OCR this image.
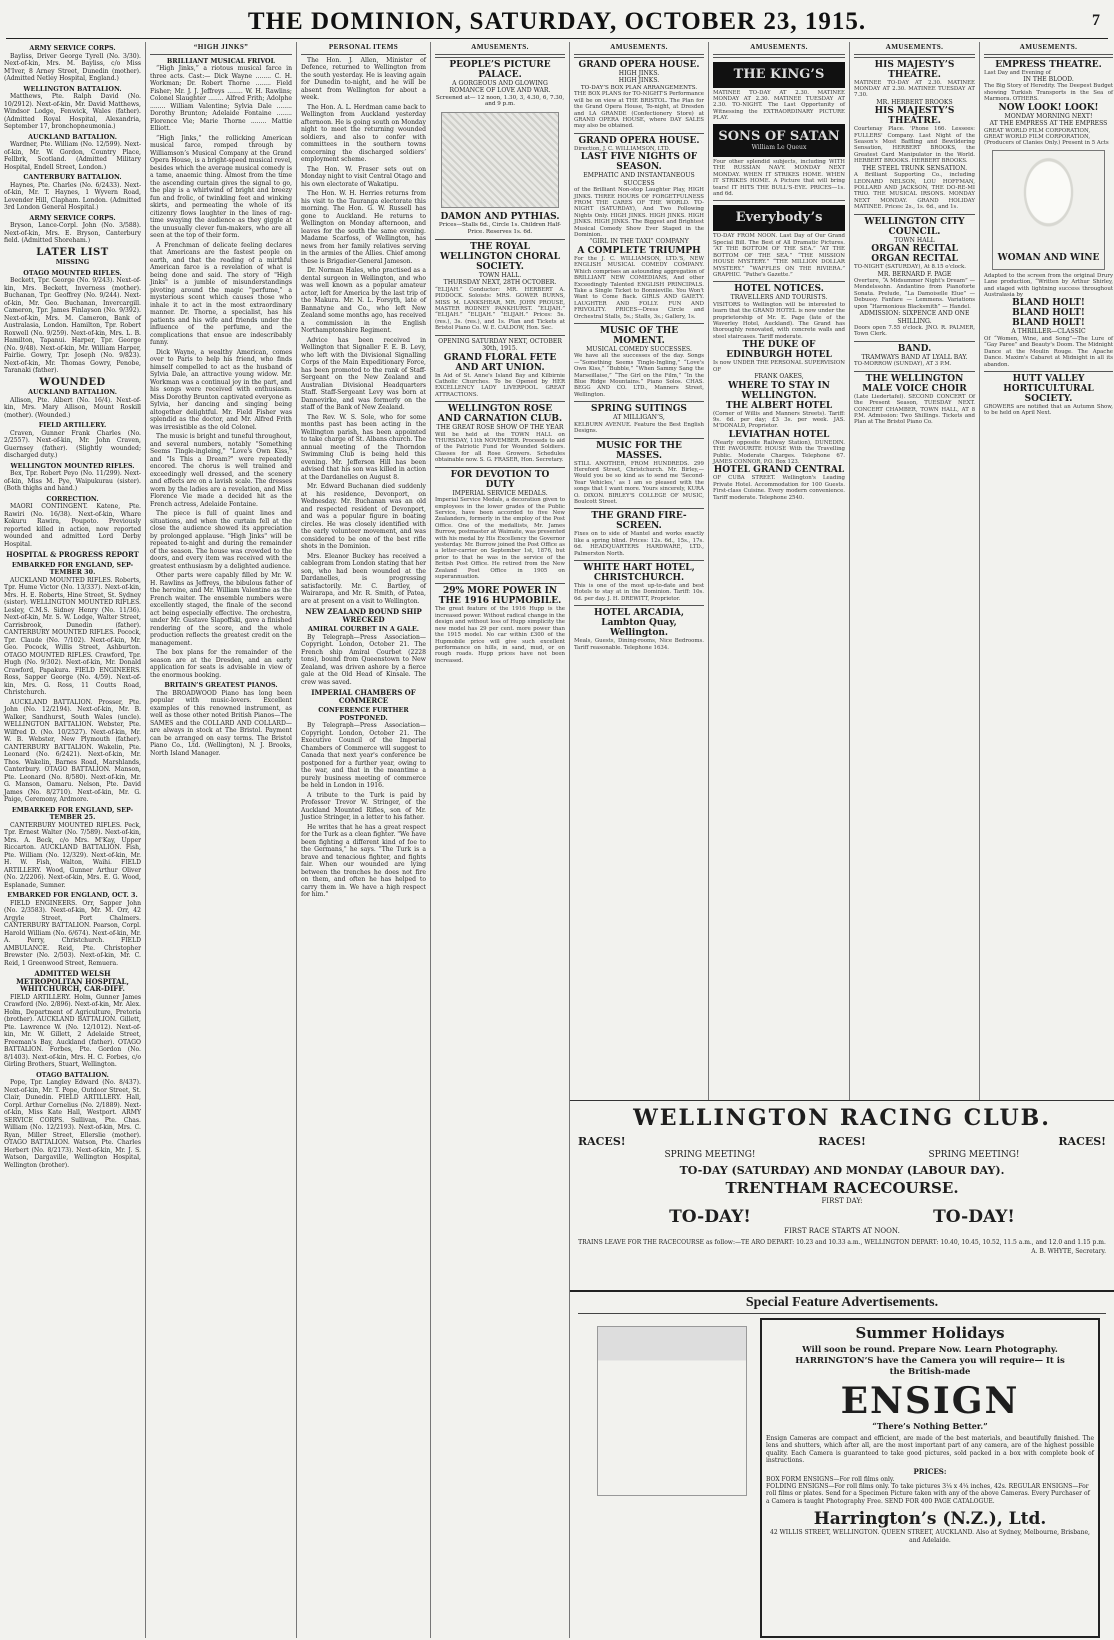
THE DOMINION, SATURDAY, OCTOBER 23, 1915.	7
ARMY SERVICE CORPS.

Bayliss, Driver George Tyrell (No. 3/30). Next-of-kin, Mrs. M. Bayliss, c/o Miss M'Iver, 8 Arney Street, Dunedin (mother). (Admitted Netley Hospital, England.)

WELLINGTON BATTALION.

Matthews, Pte. Ralph David (No. 10/2912). Next-of-kin, Mr. David Matthews, Windsor Lodge, Fenwick, Wales (father). (Admitted Royal Hospital, Alexandria, September 17, bronchopneumonia.)

AUCKLAND BATTALION.

Wardner, Pte. William (No. 12/599). Next-of-kin, Mr. W. Gordon, Country Place, Fellbrk, Scotland. (Admitted Military Hospital, Endell Street, London.)

CANTERBURY BATTALION.

Haynes, Pte. Charles (No. 6/2433). Next-of-kin, Mr. T. Haynes, 1 Wyvern Road, Levender Hill, Clapham. London. (Admitted 3rd London General Hospital.)

ARMY SERVICE CORPS.

Bryson, Lance-Corpl. John (No. 3/588). Next-of-kin, Mrs. E. Bryson, Canterbury field. (Admitted Shoreham.)

LATER LIST
MISSING
OTAGO MOUNTED RIFLES.

Beckett, Tpr. George (No. 9/243). Next-of-kin, Mrs. Beckett, Inverness (mother). Buchanan, Tpr. Geoffrey (No. 9/244). Next-of-kin, Mr. Geo. Buchanan, Invercargill. Cameron, Tpr. James Finlayson (No. 9/392). Next-of-kin, Mrs. M. Cameron, Bank of Australasia, London. Hamilton, Tpr. Robert Roxwell (No. 9/259). Next-of-kin, Mrs. L. B. Hamilton, Tapanui. Harper, Tpr. George (No. 9/48). Next-of-kin, Mr. William Harper, Fairlie. Gowry, Tpr. Joseph (No. 9/823). Next-of-kin, Mr. Thomas Gowry, Penobe, Taranaki (father).

WOUNDED
AUCKLAND BATTALION.

Allison, Pte. Albert (No. 16/4). Next-of-kin, Mrs. Mary Allison, Mount Roskill (mother). (Wounded.)

FIELD ARTILLERY.

Craven, Gunner Frank Charles (No. 2/2557). Next-of-kin, Mr. John Craven, Guernsey (father). (Slightly wounded; discharged duty.)

WELLINGTON MOUNTED RIFLES.

Bex, Tpr. Robert Peyo (No. 11/299). Next-of-kin, Miss M. Pye, Waipukurau (sister). (Both thighs and hand.)

CORRECTION.

MAORI CONTINGENT. Katene, Pte. Rawiri (No. 16/38). Next-of-kin, Whare Kokuru Rawira, Poupoto. Previously reported killed in action, now reported wounded and admitted Lord Derby Hospital.

HOSPITAL & PROGRESS REPORT
EMBARKED FOR ENGLAND, SEP-TEMBER 30.

AUCKLAND MOUNTED RIFLES. Roberts, Tpr. Hume Victor (No. 13/337). Next-of-kin, Mrs. H. E. Roberts, Hine Street, St. Sydney (sister). WELLINGTON MOUNTED RIFLES. Lesley, C.M.S. Sidney Henry (No. 11/36). Next-of-kin, Mr. S. W. Lodge, Walter Street, Carrisbrook, Dunedin (father). CANTERBURY MOUNTED RIFLES. Pocock, Tpr. Claude (No. 7/102). Next-of-kin, Mr. Geo. Pocock, Willis Street, Ashburton. OTAGO MOUNTED RIFLES. Crawford, Tpr. Hugh (No. 9/302). Next-of-kin, Mr. Donald Crawford, Papakura. FIELD ENGINEERS. Ross, Sapper George (No. 4/59). Next-of-kin, Mrs. G. Ross, 11 Coutts Road, Christchurch.

AUCKLAND BATTALION. Prosser, Pte. John (No. 12/2194). Next-of-kin, Mr. B. Walker, Sandhurst, South Wales (uncle). WELLINGTON BATTALION. Webster, Pte. Wilfred D. (No. 10/2527). Next-of-kin, Mr. W. B. Webster, New Plymouth (father). CANTERBURY BATTALION. Wakelin, Pte. Leonard (No. 6/2421). Next-of-kin, Mr. Thos. Wakelin, Barnes Road, Marshlands, Canterbury. OTAGO BATTALION. Manson, Pte. Leonard (No. 8/580). Next-of-kin, Mr. G. Manson, Oamaru. Nelson, Pte. David James (No. 8/2710). Next-of-kin, Mr. G. Paige, Ceremony, Ardmore.

EMBARKED FOR ENGLAND, SEP-TEMBER 25.

CANTERBURY MOUNTED RIFLES. Peck, Tpr. Ernest Walter (No. 7/589). Next-of-kin, Mrs. A. Beck, c/o Mrs. M'Kay, Upper Riccarton. AUCKLAND BATTALION. Fish, Pte. William (No. 12/329). Next-of-kin, Mr. H. W. Fish, Walton, Waihi. FIELD ARTILLERY. Wood, Gunner Arthur Oliver (No. 2/2206). Next-of-kin, Mrs. E. G. Wood, Esplanade, Sumner.

EMBARKED FOR ENGLAND, OCT. 3.

FIELD ENGINEERS. Orr, Sapper John (No. 2/3583). Next-of-kin, Mr. M. Orr, 42 Argyle Street, Port Chalmers. CANTERBURY BATTALION. Pearson, Corpl. Harold William (No. 6/674). Next-of-kin, Mr. A. Perry, Christchurch. FIELD AMBULANCE. Reid, Pte. Christopher Brewster (No. 2/503). Next-of-kin, Mr. C. Reid, 1 Greenwood Street, Remuera.

ADMITTED WELSH METROPOLITAN HOSPITAL, WHITCHURCH, CAR-DIFF.

FIELD ARTILLERY. Holm, Gunner James Crawford (No. 2/896). Next-of-kin, Mr. Alex. Holm, Department of Agriculture, Pretoria (brother). AUCKLAND BATTALION. Gillett, Pte. Lawrence W. (No. 12/1012). Next-of-kin, Mr. W. Gillett, 2 Adelaide Street, Freeman's Bay, Auckland (father). OTAGO BATTALION. Forbes, Pte. Gordon (No. 8/1403). Next-of-kin, Mrs. H. C. Forbes, c/o Girling Brothers, Stuart, Wellington.

OTAGO BATTALION.

Pope, Tpr. Langley Edward (No. 8/437). Next-of-kin, Mr. T. Pope, Outdoor Street, St. Clair, Dunedin. FIELD ARTILLERY. Hall, Corpl. Arthur Cornelius (No. 2/1889). Next-of-kin, Miss Kate Hall, Westport. ARMY SERVICE CORPS. Sullivan, Pte. Chas. William (No. 12/2193). Next-of-kin, Mrs. C. Ryan, Miller Street, Ellerslie (mother). OTAGO BATTALION. Watson, Pte. Charles Herbert (No. 8/2173). Next-of-kin, Mr. J. S. Watson, Dargaville, Wellington Hospital, Wellington (brother).

“HIGH JINKS”
BRILLIANT MUSICAL FRIVOL

“High Jinks,” a riotous musical farce in three acts. Cast:— Dick Wayne ........ C. H. Workman; Dr. Robert Thorne ........ Field Fisher; Mr. J. J. Jeffreys ........ W. H. Rawlins; Colonel Slaughter ........ Alfred Frith; Adolphe ........ William Valentine; Sylvia Dale ........ Dorothy Brunton; Adelaide Fontaine ........ Florence Vie; Marie Thorne ........ Mattie Elliott.

“High Jinks,” the rollicking American musical farce, romped through by Williamson’s Musical Company at the Grand Opera House, is a bright-speed musical revel, besides which the average musical comedy is a tame, anaemic thing. Almost from the time the ascending curtain gives the signal to go, the play is a whirlwind of bright and breezy fun and frolic, of twinkling feet and winking skirts, and permeating the whole of its citizenry flows laughter in the lines of rag-time swaying the audience as they giggle at the unusually clever fun-makers, who are all seen at the top of their form.

A Frenchman of delicate feeling declares that Americans are the fastest people on earth, and that the reading of a mirthful American farce is a revelation of what is being done and said. The story of "High Jinks" is a jumble of misunderstandings pivoting around the magic "perfume," a mysterious scent which causes those who inhale it to act in the most extraordinary manner. Dr. Thorne, a specialist, has his patients and his wife and friends under the influence of the perfume, and the complications that ensue are indescribably funny.

Dick Wayne, a wealthy American, comes over to Paris to help his friend, who finds himself compelled to act as the husband of Sylvia Dale, an attractive young widow. Mr. Workman was a continual joy in the part, and his songs were received with enthusiasm. Miss Dorothy Brunton captivated everyone as Sylvia, her dancing and singing being altogether delightful. Mr. Field Fisher was splendid as the doctor, and Mr. Alfred Frith was irresistible as the old Colonel.

The music is bright and tuneful throughout, and several numbers, notably "Something Seems Tingle-ingleing," "Love's Own Kiss," and "Is This a Dream?" were repeatedly encored. The chorus is well trained and exceedingly well dressed, and the scenery and effects are on a lavish scale. The dresses worn by the ladies are a revelation, and Miss Florence Vie made a decided hit as the French actress, Adelaide Fontaine.

The piece is full of quaint lines and situations, and when the curtain fell at the close the audience showed its appreciation by prolonged applause. "High Jinks" will be repeated to-night and during the remainder of the season. The house was crowded to the doors, and every item was received with the greatest enthusiasm by a delighted audience.

Other parts were capably filled by Mr. W. H. Rawlins as Jeffreys, the bibulous father of the heroine, and Mr. William Valentine as the French waiter. The ensemble numbers were excellently staged, the finale of the second act being especially effective. The orchestra, under Mr. Gustave Slapoffski, gave a finished rendering of the score, and the whole production reflects the greatest credit on the management.

The box plans for the remainder of the season are at the Dresden, and an early application for seats is advisable in view of the enormous booking.

BRITAIN’S GREATEST PIANOS.

The BROADWOOD Piano has long been popular with music-lovers. Excellent examples of this renowned instrument, as well as those other noted British Pianos—The SAMES and the COLLARD AND COLLARD—are always in stock at The Bristol. Payment can be arranged on easy terms. The Bristol Piano Co., Ltd. (Wellington), N. J. Brooks, North Island Manager.

PERSONAL ITEMS

The Hon. J. Allen, Minister of Defence, returned to Wellington from the south yesterday. He is leaving again for Dunedin to-night, and he will be absent from Wellington for about a week.

The Hon. A. L. Herdman came back to Wellington from Auckland yesterday afternoon. He is going south on Monday night to meet the returning wounded soldiers, and also to confer with committees in the southern towns concerning the discharged soldiers’ employment scheme.

The Hon. W. Fraser sets out on Monday night to visit Central Otago and his own electorate of Wakatipu.

The Hon. W. H. Herries returns from his visit to the Tauranga electorate this morning. The Hon. G. W. Russell has gone to Auckland. He returns to Wellington on Monday afternoon, and leaves for the south the same evening. Madame Scarfoss, of Wellington, has news from her family relatives serving in the armies of the Allies. Chief among these is Brigadier-General Jameson.

Dr. Norman Hales, who practised as a dental surgeon in Wellington, and who was well known as a popular amateur actor, left for America by the last trip of the Makura. Mr. N. L. Forsyth, late of Bannatyne and Co., who left New Zealand some months ago, has received a commission in the English Northamptonshire Regiment.

Advice has been received in Wellington that Signaller F. E. B. Levy, who left with the Divisional Signalling Corps of the Main Expeditionary Force, has been promoted to the rank of Staff-Sergeant on the New Zealand and Australian Divisional Headquarters Staff. Staff-Sergeant Levy was born at Dannevirke, and was formerly on the staff of the Bank of New Zealand.

The Rev. W. S. Sole, who for some months past has been acting in the Wellington parish, has been appointed to take charge of St. Albans church. The annual meeting of the Thorndon Swimming Club is being held this evening. Mr. Jefferson Hill has been advised that his son was killed in action at the Dardanelles on August 8.

Mr. Edward Buchanan died suddenly at his residence, Devonport, on Wednesday. Mr. Buchanan was an old and respected resident of Devonport, and was a popular figure in boating circles. He was closely identified with the early volunteer movement, and was considered to be one of the best rifle shots in the Dominion.

Mrs. Eleanor Buckey has received a cablegram from London stating that her son, who had been wounded at the Dardanelles, is progressing satisfactorily. Mr. C. Bartley, of Wairarapa, and Mr. R. Smith, of Patea, are at present on a visit to Wellington.

NEW ZEALAND BOUND SHIP WRECKED
AMIRAL COURBET IN A GALE.

By Telegraph—Press Association—Copyright. London, October 21. The French ship Amiral Courbet (2228 tons), bound from Queenstown to New Zealand, was driven ashore by a fierce gale at the Old Head of Kinsale. The crew was saved.

IMPERIAL CHAMBERS OF COMMERCE
CONFERENCE FURTHER POSTPONED.

By Telegraph—Press Association—Copyright. London, October 21. The Executive Council of the Imperial Chambers of Commerce will suggest to Canada that next year's conference be postponed for a further year, owing to the war, and that in the meantime a purely business meeting of commerce be held in London in 1916.

A tribute to the Turk is paid by Professor Trevor W. Stringer, of the Auckland Mounted Rifles, son of Mr. Justice Stringer, in a letter to his father.

He writes that he has a great respect for the Turk as a clean fighter. "We have been fighting a different kind of foe to the Germans," he says. "The Turk is a brave and tenacious fighter, and fights fair. When our wounded are lying between the trenches he does not fire on them, and often he has helped to carry them in. We have a high respect for him."

AMUSEMENTS.
PEOPLE’S PICTURE PALACE.
A GORGEOUS AND GLOWING
ROMANCE OF LOVE AND WAR.
Screened at— 12 noon, 1.30, 3, 4.30, 6, 7.30, and 9 p.m.
DAMON AND PYTHIAS.
Prices—Stalls 6d., Circle 1s. Children Half-Price. Reserves 1s. 6d.
THE ROYAL WELLINGTON CHORAL SOCIETY.
TOWN HALL.
THURSDAY NEXT, 28TH OCTOBER.
“ELIJAH.” Conductor: MR. HERBERT A. PIDDOCK. Soloists: MRS. GOWER BURNS, MISS M. LANKSHEAR, MR. JOHN PROUSE, MASTER RODNEY PANKHURST. “ELIJAH.” “ELIJAH.” “ELIJAH.” “ELIJAH.” Prices: 5s. (res.), 3s. (res.), and 1s. Plan and Tickets at Bristol Piano Co. W. E. CALDOW, Hon. Sec.
OPENING SATURDAY NEXT, OCTOBER 30th, 1915.
GRAND FLORAL FETE AND ART UNION.
In Aid of St. Anne's Island Bay and Kilbirnie Catholic Churches. To be Opened by HER EXCELLENCY LADY LIVERPOOL. GREAT ATTRACTIONS.
WELLINGTON ROSE AND CARNATION CLUB.
THE GREAT ROSE SHOW OF THE YEAR
Will be held at the TOWN HALL on THURSDAY, 11th NOVEMBER. Proceeds to aid of the Patriotic Fund for Wounded Soldiers. Classes for all Rose Growers. Schedules obtainable now. S. G. FRASER, Hon. Secretary.
FOR DEVOTION TO DUTY
IMPERIAL SERVICE MEDALS.
Imperial Service Medals, a decoration given to employees in the lower grades of the Public Service, have been accorded to five New Zealanders, formerly in the employ of the Post Office. One of the medallists, Mr. James Burrow, postmaster at Waimate, was presented with his medal by His Excellency the Governor yesterday. Mr. Burrow joined the Post Office as a letter-carrier on September 1st, 1876, but prior to that he was in the service of the British Post Office. He retired from the New Zealand Post Office in 1905 on superannuation.
29% MORE POWER IN THE 1916 HUPMOBILE.
The great feature of the 1916 Hupp is the increased power. Without radical change in the design and without loss of Hupp simplicity the new model has 29 per cent. more power than the 1915 model. No car within £300 of the Hupmobile price will give such excellent performance on hills, in sand, mud, or on rough roads. Hupp prices have not been increased.
AMUSEMENTS.
GRAND OPERA HOUSE.
HIGH JINKS.
HIGH JINKS.
TO-DAY’S BOX PLAN ARRANGEMENTS.
THE BOX PLANS for TO-NIGHT'S Performance will be on view at THE BRISTOL. The Plan for the Grand Opera House, To-night, at Dresden and LA GRANDE (Confectionery Store) at GRAND OPERA HOUSE, where DAY SALES may also be obtained.
GRAND OPERA HOUSE.
Direction, J. C. WILLIAMSON, LTD.
LAST FIVE NIGHTS OF SEASON.
EMPHATIC AND INSTANTANEOUS SUCCESS
of the Brilliant Non-stop Laughter Play, HIGH JINKS. THREE HOURS OF FORGETFULNESS FROM THE CARES OF THE WORLD. TO-NIGHT (SATURDAY), And Two Following Nights Only. HIGH JINKS. HIGH JINKS. HIGH JINKS. HIGH JINKS. The Biggest and Brightest Musical Comedy Show Ever Staged in the Dominion.
“GIRL IN THE TAXI” COMPANY
A COMPLETE TRIUMPH
For the J. C. WILLIAMSON, LTD.'S, NEW ENGLISH MUSICAL COMEDY COMPANY. Which comprises an astounding aggregation of BRILLIANT NEW COMEDIANS, And other Exceedingly Talented ENGLISH PRINCIPALS. Take a Single Ticket to Bonnieville. You Won't Want to Come Back. GIRLS AND GAIETY. LAUGHTER AND FOLLY. FUN AND FRIVOLITY. PRICES—Dress Circle and Orchestral Stalls, 5s.; Stalls, 3s.; Gallery, 1s.
MUSIC OF THE MOMENT.
MUSICAL COMEDY SUCCESSES.
We have all the successes of the day. Songs—“Something Seems Tingle-Ingling,” “Love's Own Kiss,” “Bubble,” “When Sammy Sang the Marseillaise,” “The Girl on the Film,” “In the Blue Ridge Mountains.” Piano Solos. CHAS. BEGG AND CO. LTD., Manners Street, Wellington.
SPRING SUITINGS
AT MILLIGAN’S,
KELBURN AVENUE. Feature the Best English Designs.
MUSIC FOR THE MASSES.
STILL ANOTHER, FROM HUNDREDS. 299 Hereford Street, Christchurch. Mr. Birley,—Would you be so kind as to send me 'Second-Year Vehicles,' as I am so pleased with the songs that I want more. Yours sincerely, KURA O. DIXON. BIRLEY'S COLLEGE OF MUSIC, Boulcott Street.
THE GRAND FIRE-SCREEN.
Fixes on to side of Mantel and works exactly like a spring blind. Prices: 12s. 6d., 15s., 17s. 6d. HEADQUARTERS HARDWARE, LTD., Palmerston North.
WHITE HART HOTEL, CHRISTCHURCH.
This is one of the most up-to-date and best Hotels to stay at in the Dominion. Tariff: 10s. 6d. per day. J. H. DREWITT, Proprietor.
HOTEL ARCADIA, Lambton Quay, Wellington.
Meals, Guests, Dining-rooms, Nice Bedrooms. Tariff reasonable. Telephone 1634.
AMUSEMENTS.
THE KING’S
MATINEE TO-DAY AT 2.30. MATINEE MONDAY AT 2.30. MATINEE TUESDAY AT 2.30. TO-NIGHT. The Last Opportunity of Witnessing the EXTRAORDINARY PICTURE PLAY.
SONS OF SATAN
William Le Queux
Four other splendid subjects, including WITH THE RUSSIAN NAVY. MONDAY NEXT MONDAY. WHEN IT STRIKES HOME. WHEN IT STRIKES HOME. A Picture that will bring tears! IT HITS THE BULL'S-EYE. PRICES—1s. and 6d.
Everybody’s
TO-DAY FROM NOON. Last Day of Our Grand Special Bill. The Best of All Dramatic Pictures. “AT THE BOTTOM OF THE SEA.” “AT THE BOTTOM OF THE SEA.” “THE MISSION HOUSE MYSTERY.” “THE MILLION DOLLAR MYSTERY.” “WAFFLES ON THE RIVIERA.” GRAPHIC. “Pathe's Gazette.”
HOTEL NOTICES.
TRAVELLERS AND TOURISTS.
VISITORS to Wellington will be interested to learn that the GRAND HOTEL is now under the proprietorship of Mr. E. Page (late of the Waverley Hotel, Auckland). The Grand has thoroughly renovated, with concrete walls and steel staircases. Tariff moderate.
THE DUKE OF EDINBURGH HOTEL
Is now UNDER THE PERSONAL SUPERVISION OF
FRANK OAKES,
WHERE TO STAY IN WELLINGTON.
THE ALBERT HOTEL
(Corner of Willis and Manners Streets). Tariff: 9s. 6d. per day; £3 3s. per week. JAS. M'DONALD, Proprietor.
LEVIATHAN HOTEL
(Nearly opposite Railway Station), DUNEDIN. THE FAVOURITE HOUSE With the Travelling Public. Moderate Charges. Telephone 67. JAMES CONNOR, P.O. Box 123.
HOTEL GRAND CENTRAL
OF CUBA STREET. Wellington's Leading Private Hotel. Accommodation for 100 Guests. First-class Cuisine. Every modern convenience. Tariff moderate. Telephone 2540.
AMUSEMENTS.
HIS MAJESTY’S THEATRE.
MATINEE TO-DAY AT 2.30. MATINEE MONDAY AT 2.30. MATINEE TUESDAY AT 7.30.
MR. HERBERT BROOKS
HIS MAJESTY’S THEATRE.
Courtenay Place. 'Phone 166. Lessees: FULLERS' Company. Last Night of the Season's Most Baffling and Bewildering Sensation, HERBERT BROOKS, the Greatest Card Manipulator in the World. HERBERT BROOKS. HERBERT BROOKS.
THE STEEL TRUNK SENSATION.
A Brilliant Supporting Co., including LEONARD NELSON, LOU HOFFMAN, POLLARD AND JACKSON, THE DO-RE-MI TRIO. THE MUSICAL IRSONS. MONDAY NEXT MONDAY. GRAND HOLIDAY MATINEE. Prices: 2s., 1s. 6d., and 1s.
WELLINGTON CITY COUNCIL.
TOWN HALL
ORGAN RECITAL
ORGAN RECITAL
TO-NIGHT (SATURDAY), At 8.15 o'clock.
MR. BERNARD F. PAGE
Overture, “A Midsummer Night's Dream” — Mendelssohn. Andantino from Pianoforte Sonata. Prelude, “La Damoiselle Elue” — Debussy. Fanfare — Lemmens. Variations upon “Harmonious Blacksmith” — Handel.
ADMISSION: SIXPENCE AND ONE SHILLING.
Doors open 7.55 o'clock. JNO. R. PALMER, Town Clerk.
BAND.
TRAMWAYS BAND AT LYALL BAY.
TO-MORROW (SUNDAY), AT 3 P.M.
THE WELLINGTON MALE VOICE CHOIR
(Late Liedertafel). SECOND CONCERT Of the Present Season, TUESDAY NEXT. CONCERT CHAMBER, TOWN HALL, AT 8 P.M. Admission: Two Shillings. Tickets and Plan at The Bristol Piano Co.
AMUSEMENTS.
EMPRESS THEATRE.
Last Day and Evening of
IN THE BLOOD.
The Big Story of Heredity. The Deepest Budget showing Turkish Transports in the Sea of Marmora. OTHERS.
NOW LOOK! LOOK!
MONDAY MORNING NEXT!
AT THE EMPRESS AT THE EMPRESS
GREAT WORLD FILM CORPORATION,
GREAT WORLD FILM CORPORATION,
(Producers of Clanies Only.) Present in 5 Acts
WOMAN AND WINE
Adapted to the screen from the original Drury Lane production, “Written by Arthur Shirley, and staged with lightning success throughout Australasia by
BLAND HOLT!
BLAND HOLT!
BLAND HOLT!
A THRILLER—CLASSIC
Of “Women, Wine, and Song”—The Lure of “Gay Paree” and Beauty's Doom. The Midnight Dance at the Moulin Rouge. The Apache Dance. Maxim's Cabaret at Midnight in all its abandon.
HUTT VALLEY HORTICULTURAL SOCIETY.
GROWERS are notified that an Autumn Show, to be held on April Next.
WELLINGTON RACING CLUB.
RACES!	RACES!	RACES!
SPRING MEETING!	SPRING MEETING!
TO-DAY (SATURDAY) AND MONDAY (LABOUR DAY).
TRENTHAM RACECOURSE.
FIRST DAY:
TO-DAY!	TO-DAY!
FIRST RACE STARTS AT NOON.
TRAINS LEAVE FOR THE RACECOURSE as follow:—TE ARO DEPART: 10.23 and 10.33 a.m., WELLINGTON DEPART: 10.40, 10.45, 10.52, 11.5 a.m., and 12.0 and 1.15 p.m.
A. B. WHYTE, Secretary.
Special Feature Advertisements.
Summer Holidays
Will soon be round. Prepare Now. Learn Photography. HARRINGTON’S have the Camera you will require— It is the British-made
ENSIGN
“There’s Nothing Better.”
Ensign Cameras are compact and efficient, are made of the best materials, and beautifully finished. The lens and shutters, which after all, are the most important part of any camera, are of the highest possible quality. Each Camera is guaranteed to take good pictures, sold packed in a box with complete book of instructions.
PRICES:
BOX FORM ENSIGNS—For roll films only.
FOLDING ENSIGNS—For roll films only. To take pictures 3¼ x 4¼ inches, 42s. REGULAR ENSIGNS—For roll films or plates. Send for a Specimen Picture taken with any of the above Cameras. Every Purchaser of a Camera is taught Photography Free. SEND FOR 400 PAGE CATALOGUE.
Harrington’s (N.Z.), Ltd.
42 WILLIS STREET, WELLINGTON. QUEEN STREET, AUCKLAND. Also at Sydney, Melbourne, Brisbane, and Adelaide.
